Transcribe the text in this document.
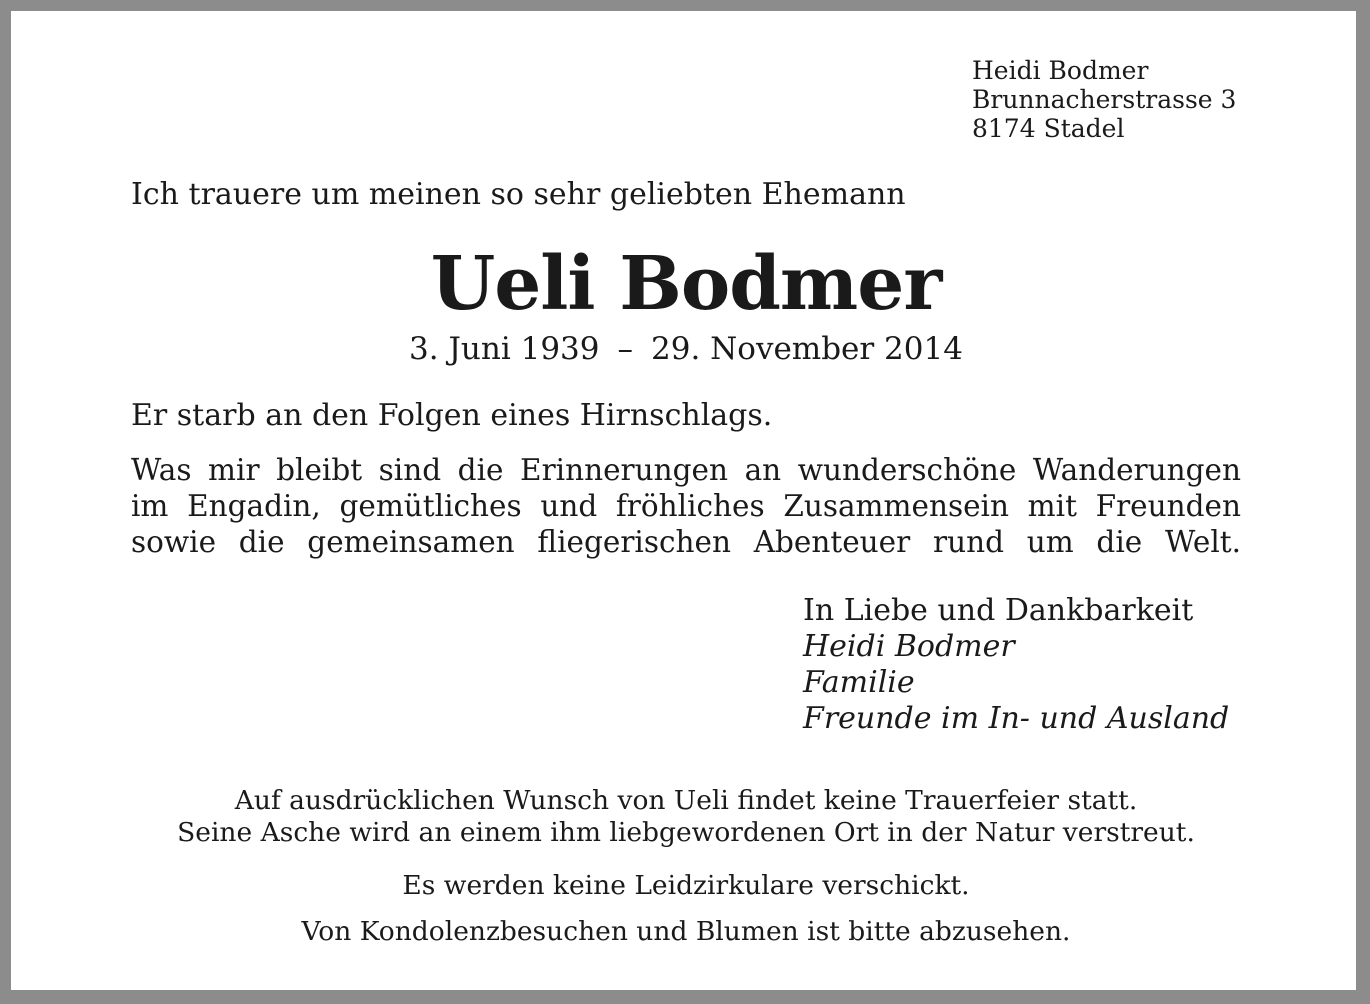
Heidi Bodmer
Brunnacherstrasse 3
8174 Stadel
Ich trauere um meinen so sehr geliebten Ehemann
Ueli Bodmer
3. Juni 1939 – 29. November 2014
Er starb an den Folgen eines Hirnschlags.
Was mir bleibt sind die Erinnerungen an wunderschöne Wanderungen
im Engadin, gemütliches und fröhliches Zusammensein mit Freunden
sowie die gemeinsamen fliegerischen Abenteuer rund um die Welt.
In Liebe und Dankbarkeit
Heidi Bodmer
Familie
Freunde im In- und Ausland
Auf ausdrücklichen Wunsch von Ueli findet keine Trauerfeier statt.
Seine Asche wird an einem ihm liebgewordenen Ort in der Natur verstreut.
Es werden keine Leidzirkulare verschickt.
Von Kondolenzbesuchen und Blumen ist bitte abzusehen.
